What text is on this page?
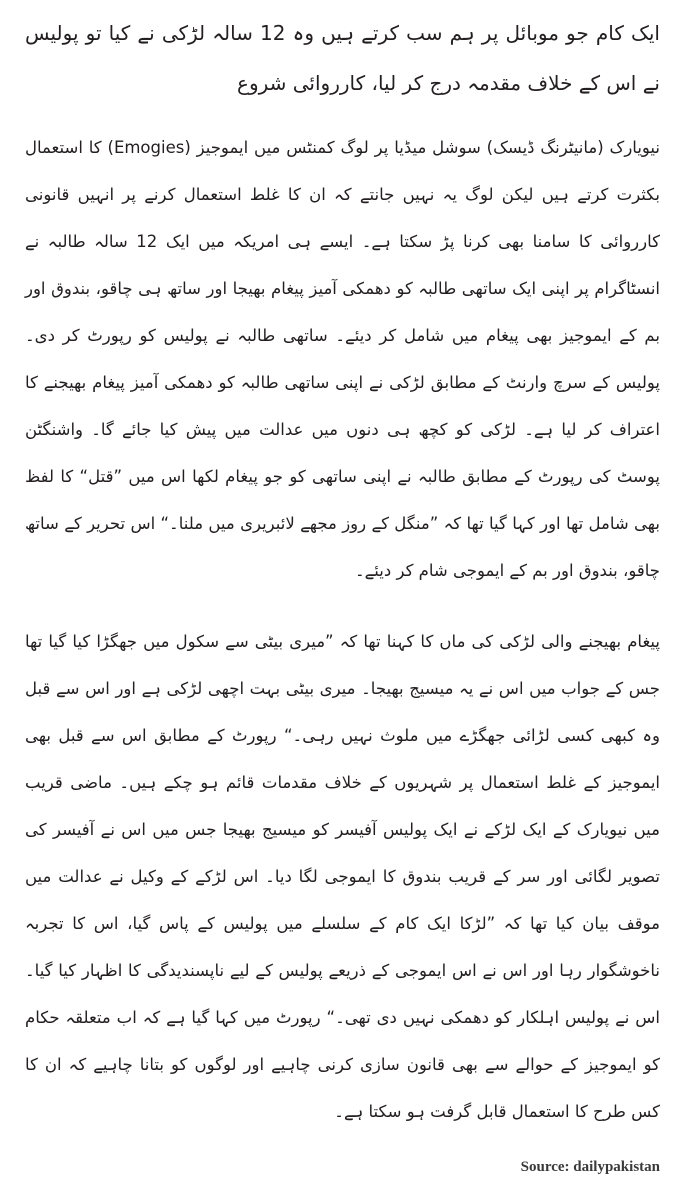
ایک کام جو موبائل پر ہم سب کرتے ہیں وہ 12 سالہ لڑکی نے کیا تو پولیس نے اس کے خلاف مقدمہ درج کر لیا، کارروائی شروع

نیویارک (مانیٹرنگ ڈیسک) سوشل میڈیا پر لوگ کمنٹس میں ایموجیز (Emogies) کا استعمال بکثرت کرتے ہیں لیکن لوگ یہ نہیں جانتے کہ ان کا غلط استعمال کرنے پر انہیں قانونی کارروائی کا سامنا بھی کرنا پڑ سکتا ہے۔ ایسے ہی امریکہ میں ایک 12 سالہ طالبہ نے انسٹاگرام پر اپنی ایک ساتھی طالبہ کو دھمکی آمیز پیغام بھیجا اور ساتھ ہی چاقو، بندوق اور بم کے ایموجیز بھی پیغام میں شامل کر دیئے۔ ساتھی طالبہ نے پولیس کو رپورٹ کر دی۔ پولیس کے سرچ وارنٹ کے مطابق لڑکی نے اپنی ساتھی طالبہ کو دھمکی آمیز پیغام بھیجنے کا اعتراف کر لیا ہے۔ لڑکی کو کچھ ہی دنوں میں عدالت میں پیش کیا جائے گا۔ واشنگٹن پوسٹ کی رپورٹ کے مطابق طالبہ نے اپنی ساتھی کو جو پیغام لکھا اس میں ”قتل“ کا لفظ بھی شامل تھا اور کہا گیا تھا کہ ”منگل کے روز مجھے لائبریری میں ملنا۔“ اس تحریر کے ساتھ چاقو، بندوق اور بم کے ایموجی شام کر دیئے۔

پیغام بھیجنے والی لڑکی کی ماں کا کہنا تھا کہ ”میری بیٹی سے سکول میں جھگڑا کیا گیا تھا جس کے جواب میں اس نے یہ میسیج بھیجا۔ میری بیٹی بہت اچھی لڑکی ہے اور اس سے قبل وہ کبھی کسی لڑائی جھگڑے میں ملوث نہیں رہی۔“ رپورٹ کے مطابق اس سے قبل بھی ایموجیز کے غلط استعمال پر شہریوں کے خلاف مقدمات قائم ہو چکے ہیں۔ ماضی قریب میں نیویارک کے ایک لڑکے نے ایک پولیس آفیسر کو میسیج بھیجا جس میں اس نے آفیسر کی تصویر لگائی اور سر کے قریب بندوق کا ایموجی لگا دیا۔ اس لڑکے کے وکیل نے عدالت میں موقف بیان کیا تھا کہ ”لڑکا ایک کام کے سلسلے میں پولیس کے پاس گیا، اس کا تجربہ ناخوشگوار رہا اور اس نے اس ایموجی کے ذریعے پولیس کے لیے ناپسندیدگی کا اظہار کیا گیا۔ اس نے پولیس اہلکار کو دھمکی نہیں دی تھی۔“ رپورٹ میں کہا گیا ہے کہ اب متعلقہ حکام کو ایموجیز کے حوالے سے بھی قانون سازی کرنی چاہیے اور لوگوں کو بتانا چاہیے کہ ان کا کس طرح کا استعمال قابل گرفت ہو سکتا ہے۔

Source: dailypakistan
